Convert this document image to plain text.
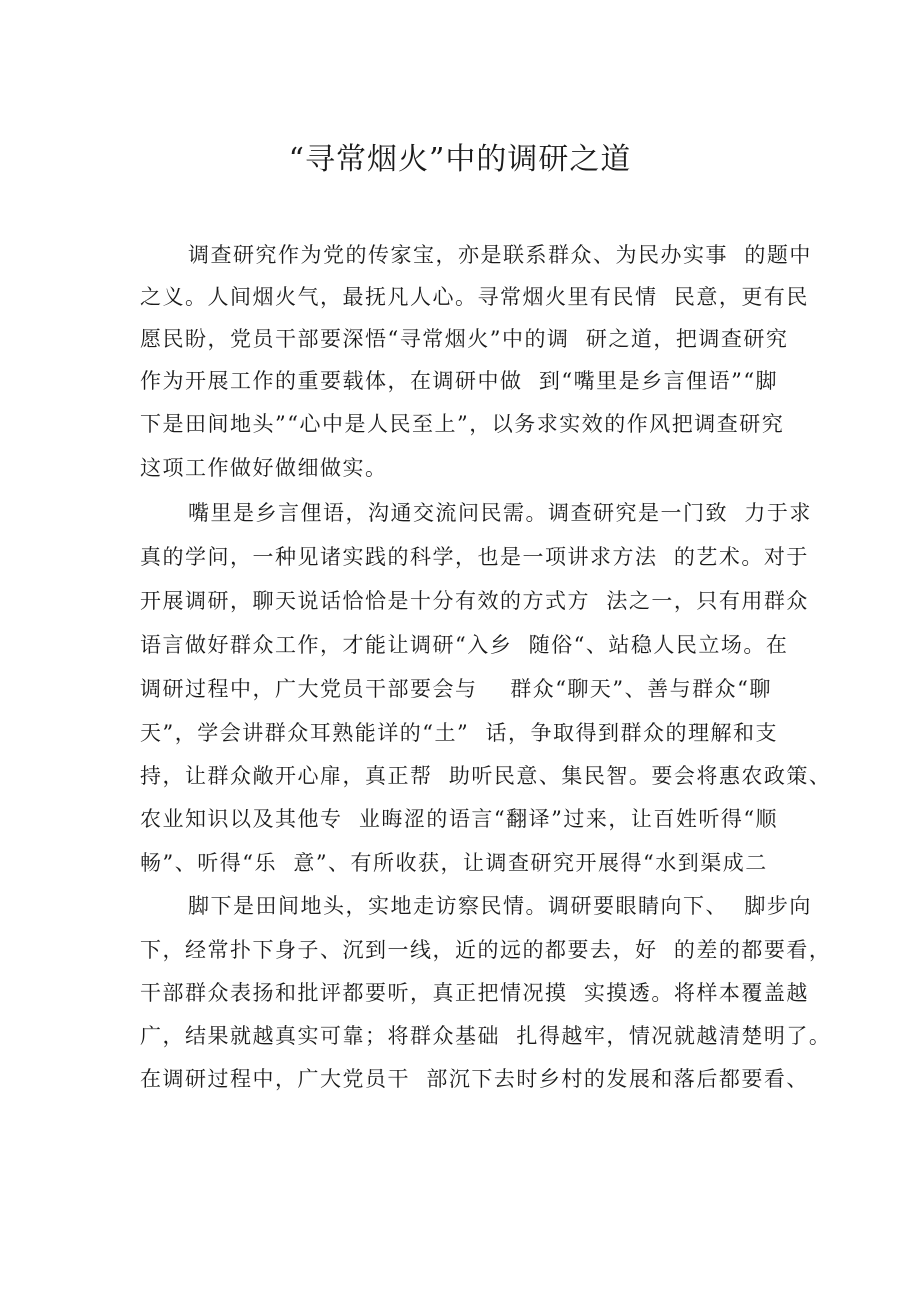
“寻常烟火”中的调研之道

调查研究作为党的传家宝，亦是联系群众、为民办实事  的题中

之义。人间烟火气，最抚凡人心。寻常烟火里有民情  民意，更有民

愿民盼，党员干部要深悟“寻常烟火”中的调  研之道，把调查研究

作为开展工作的重要载体，在调研中做  到“嘴里是乡言俚语”“脚

下是田间地头”“心中是人民至上”，以务求实效的作风把调查研究

这项工作做好做细做实。

嘴里是乡言俚语，沟通交流问民需。调查研究是一门致  力于求

真的学问，一种见诸实践的科学，也是一项讲求方法  的艺术。对于

开展调研，聊天说话恰恰是十分有效的方式方  法之一，只有用群众

语言做好群众工作，才能让调研“入乡  随俗“、站稳人民立场。在

调研过程中，广大党员干部要会与    群众“聊天”、善与群众“聊

天”，学会讲群众耳熟能详的“土”  话，争取得到群众的理解和支

持，让群众敞开心扉，真正帮  助听民意、集民智。要会将惠农政策、

农业知识以及其他专  业晦涩的语言“翻译”过来，让百姓听得“顺

畅”、听得“乐  意”、有所收获，让调查研究开展得“水到渠成二

脚下是田间地头，实地走访察民情。调研要眼睛向下、  脚步向

下，经常扑下身子、沉到一线，近的远的都要去，好  的差的都要看，

干部群众表扬和批评都要听，真正把情况摸  实摸透。将样本覆盖越

广，结果就越真实可靠；将群众基础  扎得越牢，情况就越清楚明了。

在调研过程中，广大党员干  部沉下去时乡村的发展和落后都要看、
